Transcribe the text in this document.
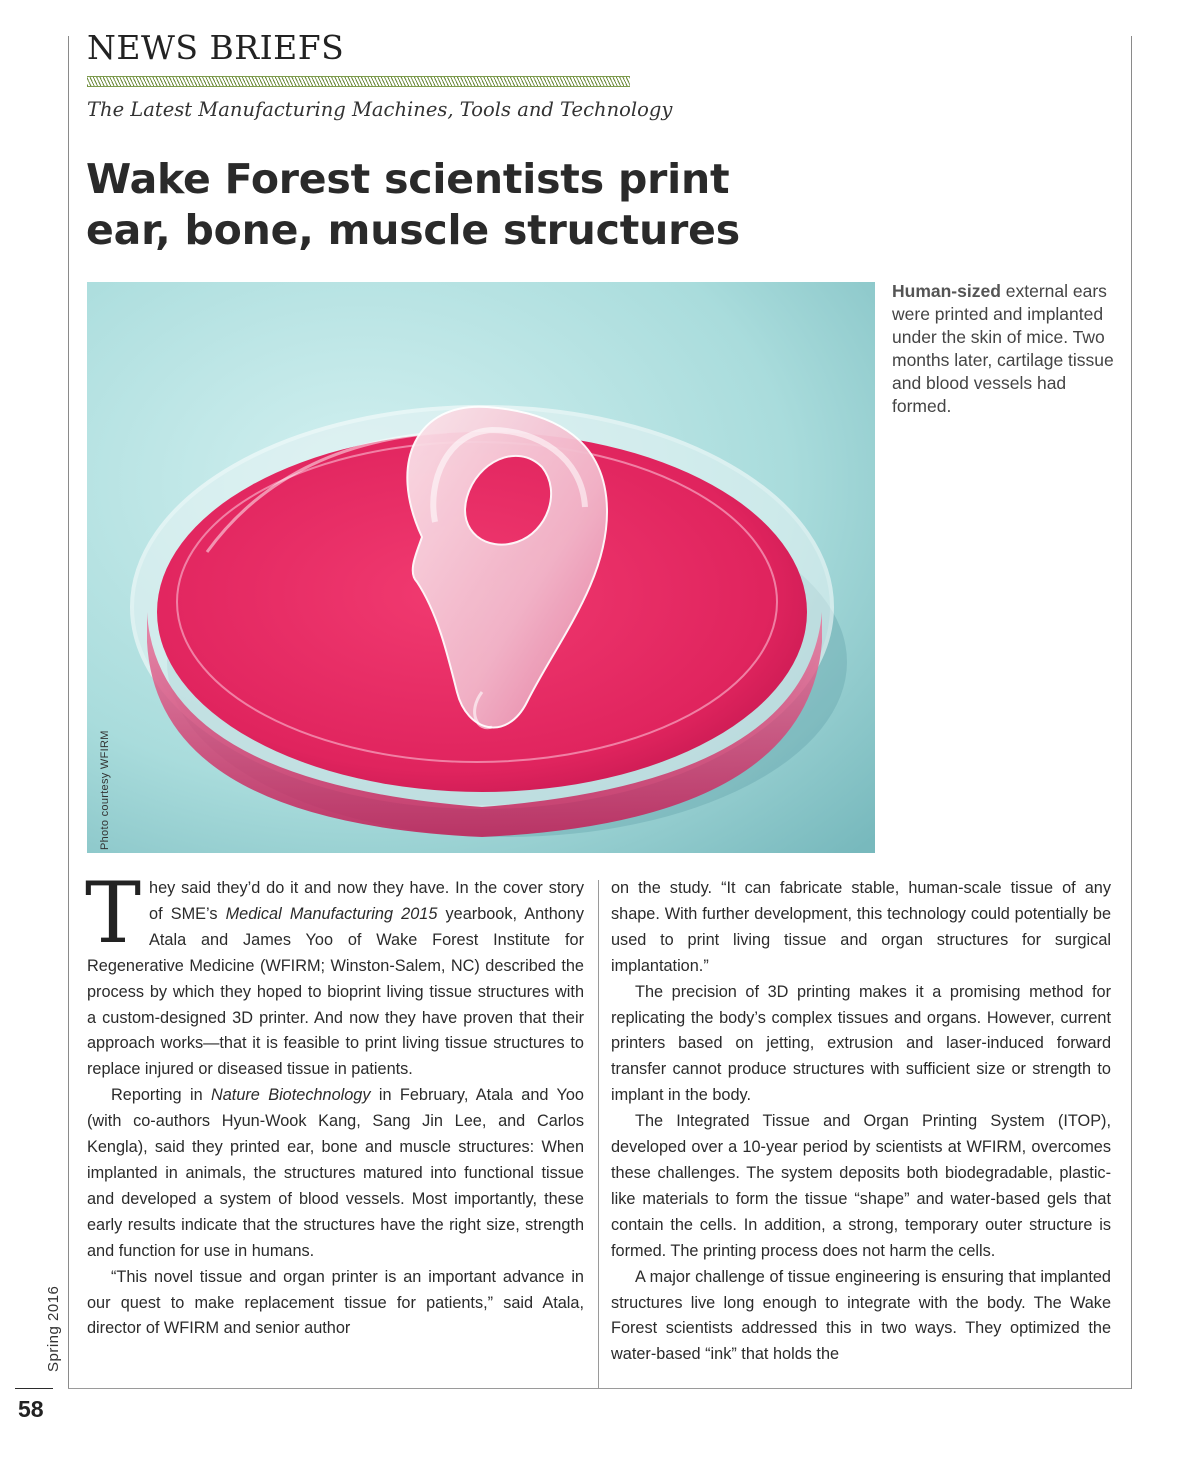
NEWS BRIEFS

The Latest Manufacturing Machines, Tools and Technology

Wake Forest scientists print ear, bone, muscle structures

Photo courtesy WFIRM

Human-sized external ears were printed and implanted under the skin of mice. Two months later, cartilage tissue and blood vessels had formed.

They said they’d do it and now they have. In the cover story of SME’s Medical Manufacturing 2015 yearbook, Anthony Atala and James Yoo of Wake Forest Institute for Regenerative Medicine (WFIRM; Winston-Salem, NC) described the process by which they hoped to bioprint living tissue structures with a custom-designed 3D printer. And now they have proven that their approach works—that it is feasible to print living tissue structures to replace injured or diseased tissue in patients.

Reporting in Nature Biotechnology in February, Atala and Yoo (with co-authors Hyun-Wook Kang, Sang Jin Lee, and Carlos Kengla), said they printed ear, bone and muscle structures: When implanted in animals, the structures matured into functional tissue and developed a system of blood vessels. Most importantly, these early results indicate that the structures have the right size, strength and function for use in humans.

“This novel tissue and organ printer is an important advance in our quest to make replacement tissue for patients,” said Atala, director of WFIRM and senior author

on the study. “It can fabricate stable, human-scale tissue of any shape. With further development, this technology could potentially be used to print living tissue and organ structures for surgical implantation.”

The precision of 3D printing makes it a promising method for replicating the body’s complex tissues and organs. However, current printers based on jetting, extrusion and laser-induced forward transfer cannot produce structures with sufficient size or strength to implant in the body.

The Integrated Tissue and Organ Printing System (ITOP), developed over a 10-year period by scientists at WFIRM, overcomes these challenges. The system deposits both biodegradable, plastic-like materials to form the tissue “shape” and water-based gels that contain the cells. In addition, a strong, temporary outer structure is formed. The printing process does not harm the cells.

A major challenge of tissue engineering is ensuring that implanted structures live long enough to integrate with the body. The Wake Forest scientists addressed this in two ways. They optimized the water-based “ink” that holds the

Spring 2016

58
